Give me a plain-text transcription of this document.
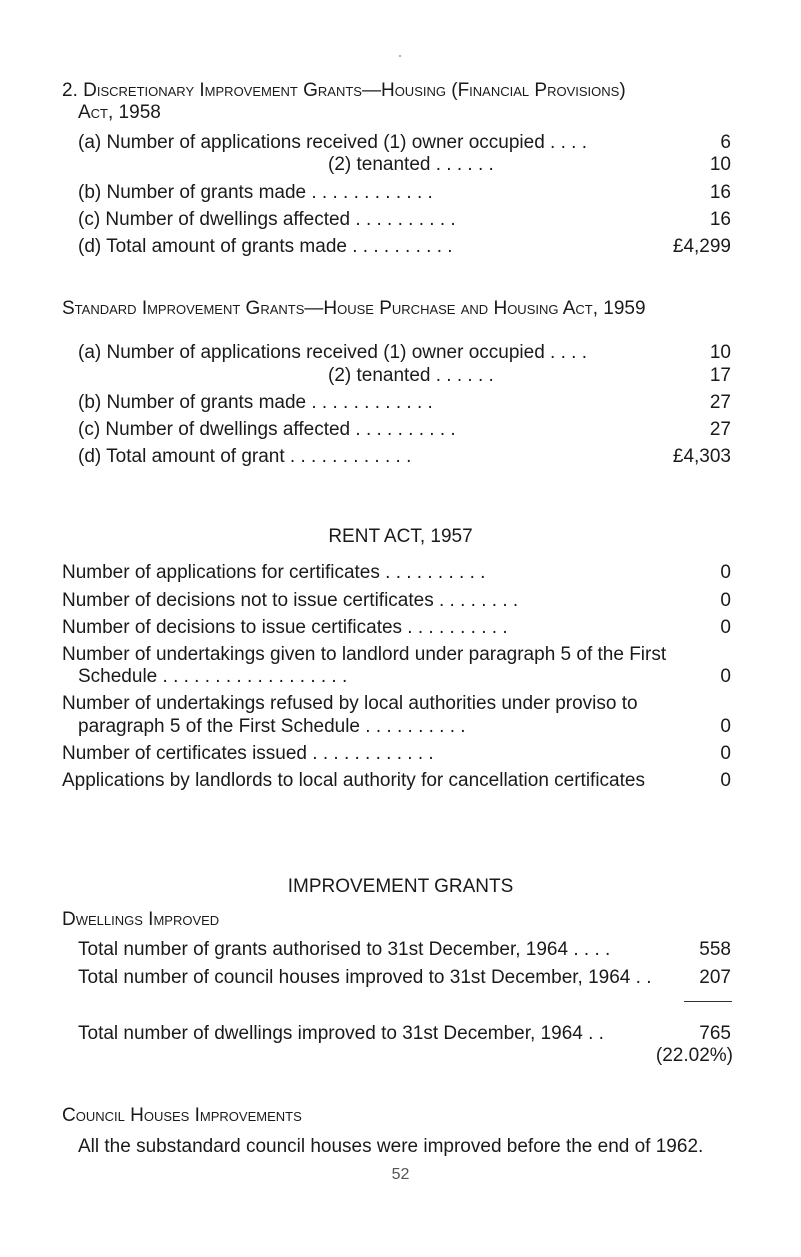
2. Discretionary Improvement Grants—Housing (Financial Provisions)
Act, 1958
(a) Number of applications received (1) owner occupied . . . .	6
(2) tenanted . . . . . .	10
(b) Number of grants made . . . . . . . . . . . .	16
(c) Number of dwellings affected . . . . . . . . . .	16
(d) Total amount of grants made . . . . . . . . . .	£4,299
Standard Improvement Grants—House Purchase and Housing Act, 1959
(a) Number of applications received (1) owner occupied . . . .	10
(2) tenanted . . . . . .	17
(b) Number of grants made . . . . . . . . . . . .	27
(c) Number of dwellings affected . . . . . . . . . .	27
(d) Total amount of grant . . . . . . . . . . . .	£4,303
RENT ACT, 1957
Number of applications for certificates . . . . . . . . . .	0
Number of decisions not to issue certificates . . . . . . . .	0
Number of decisions to issue certificates . . . . . . . . . .	0
Number of undertakings given to landlord under paragraph 5 of the First
Schedule . . . . . . . . . . . . . . . . . .	0
Number of undertakings refused by local authorities under proviso to
paragraph 5 of the First Schedule . . . . . . . . . .	0
Number of certificates issued . . . . . . . . . . . .	0
Applications by landlords to local authority for cancellation certificates	0
IMPROVEMENT GRANTS
Dwellings Improved
Total number of grants authorised to 31st December, 1964 . . . .	558
Total number of council houses improved to 31st December, 1964 . .	207
Total number of dwellings improved to 31st December, 1964 . .	765
(22.02%)
Council Houses Improvements
All the substandard council houses were improved before the end of 1962.
52
